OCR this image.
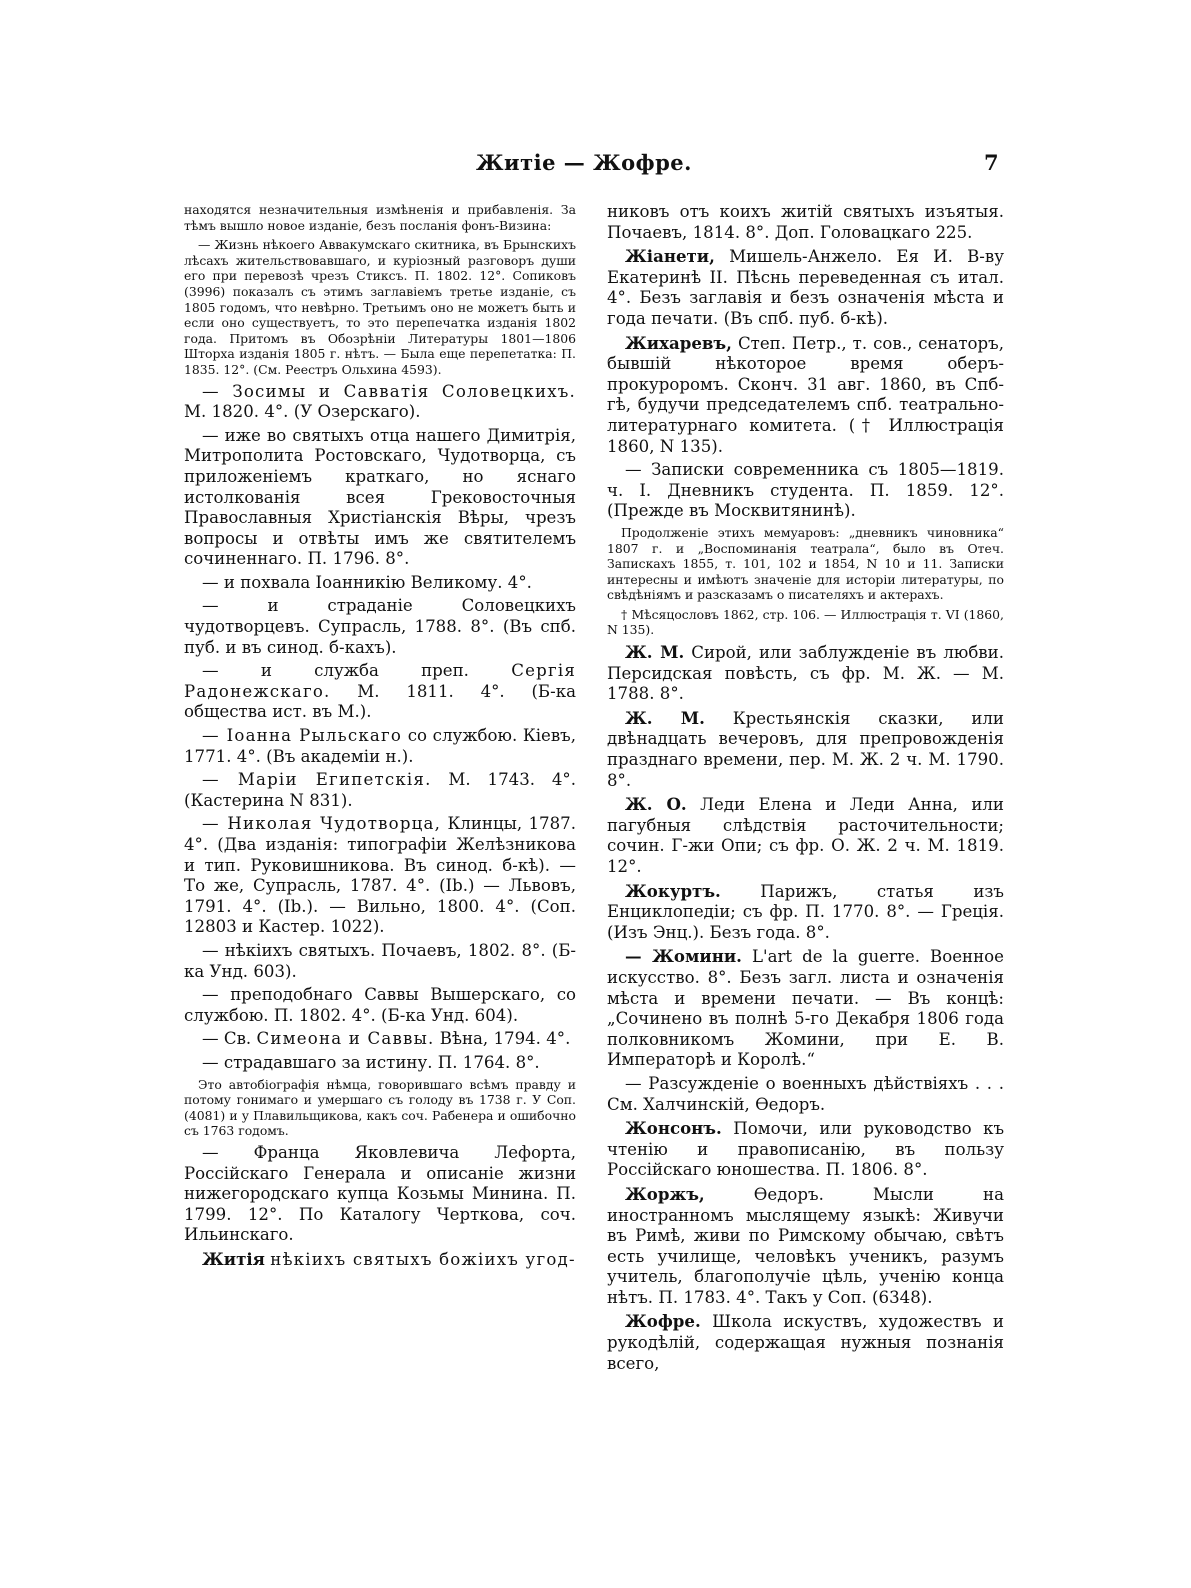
Житіе — Жофре.	7

находятся незначительныя измѣненія и прибавленія. За тѣмъ вышло новое изданіе, безъ посланія фонъ-Визина:

— Жизнь нѣкоего Аввакумскаго скитника, въ Брынскихъ лѣсахъ жительствовавшаго, и куріозный разговоръ души его при перевозѣ чрезъ Стиксъ. П. 1802. 12°. Сопиковъ (3996) показалъ съ этимъ заглавіемъ третье изданіе, съ 1805 годомъ, что невѣрно. Третьимъ оно не можетъ быть и если оно существуетъ, то это перепечатка изданія 1802 года. Притомъ въ Обозрѣніи Литературы 1801—1806 Шторха изданія 1805 г. нѣтъ. — Была еще перепетатка: П. 1835. 12°. (См. Реестръ Ольхина 4593).

— Зосимы и Савватія Соловецкихъ. М. 1820. 4°. (У Озерскаго).

— иже во святыхъ отца нашего Димитрія, Митрополита Ростовскаго, Чудотворца, съ приложеніемъ краткаго, но яснаго истолкованія всея Грековосточныя Православныя Христіанскія Вѣры, чрезъ вопросы и отвѣты имъ же святителемъ сочиненнаго. П. 1796. 8°.

— и похвала Іоанникію Великому. 4°.

— и страданіе Соловецкихъ чудотворцевъ. Супрасль, 1788. 8°. (Въ спб. пуб. и въ синод. б-кахъ).

— и служба преп.	Сергія Радонежскаго. М. 1811. 4°. (Б-ка общества ист. въ М.).

— Іоанна Рыльскаго со службою. Кіевъ, 1771. 4°. (Въ академіи н.).

— Маріи Египетскія. М. 1743. 4°. (Кастерина N 831).

— Николая Чудотворца, Клинцы, 1787. 4°. (Два изданія: типографіи Желѣзникова и тип. Руковишникова. Въ синод. б-кѣ). — То же, Супрасль, 1787. 4°. (Ib.) — Львовъ, 1791. 4°. (Ib.). — Вильно, 1800. 4°. (Соп. 12803 и Кастер. 1022).

— нѣкіихъ святыхъ. Почаевъ, 1802. 8°. (Б-ка Унд. 603).

— преподобнаго Саввы Вышерскаго, со службою. П. 1802. 4°. (Б-ка Унд. 604).

— Св. Симеона и Саввы. Вѣна, 1794. 4°.

— страдавшаго за истину. П. 1764. 8°.

Это автобіографія нѣмца, говорившаго всѣмъ правду и потому гонимаго и умершаго съ голоду въ 1738 г. У Соп. (4081) и у Плавильщикова, какъ соч. Рабенера и ошибочно съ 1763 годомъ.

— Франца Яковлевича Лефорта, Россійскаго Генерала и описаніе жизни нижегородскаго купца Козьмы Минина. П. 1799. 12°. По Каталогу Черткова, соч. Ильинскаго.

Житія нѣкіихъ святыхъ божіихъ угод-

никовъ отъ коихъ житій святыхъ изъятыя. Почаевъ, 1814. 8°. Доп. Головацкаго 225.

Жіанети, Мишель-Анжело. Ея И. В-ву Екатеринѣ II. Пѣснь переведенная съ итал. 4°. Безъ заглавія и безъ означенія мѣста и года печати. (Въ спб. пуб. б-кѣ).

Жихаревъ, Степ. Петр., т. сов., сенаторъ, бывшій нѣкоторое время оберъ-прокуроромъ. Сконч. 31 авг. 1860, въ Спб-гѣ, будучи председателемъ спб. театрально-литературнаго комитета. († Иллюстрація 1860, N 135).

— Записки современника съ 1805—1819. ч. I. Дневникъ студента. П. 1859. 12°. (Прежде въ Москвитянинѣ).

Продолженіе этихъ мемуаровъ: „дневникъ чиновника“ 1807 г. и „Воспоминанія театрала“, было въ Отеч. Запискахъ 1855, т. 101, 102 и 1854, N 10 и 11. Записки интересны и имѣютъ значеніе для исторіи литературы, по свѣдѣніямъ и разсказамъ о писателяхъ и актерахъ.

† Мѣсяцословъ 1862, стр. 106. — Иллюстрація т. VI (1860, N 135).

Ж. М. Сирой, или заблужденіе въ любви. Персидская повѣсть, съ фр. М. Ж. — М. 1788. 8°.

Ж. М. Крестьянскія сказки, или двѣнадцать вечеровъ, для препровожденія празднаго времени, пер. М. Ж. 2 ч. М. 1790. 8°.

Ж. О. Леди Елена и Леди Анна, или пагубныя слѣдствія расточительности; сочин. Г-жи Опи; съ фр. О. Ж. 2 ч. М. 1819. 12°.

Жокуртъ. Парижъ, статья изъ Енциклопедіи; съ фр. П. 1770. 8°. — Греція. (Изъ Энц.). Безъ года. 8°.

— Жомини. L'art de la guerre. Военное искусство. 8°. Безъ загл. листа и означенія мѣста и времени печати. — Въ концѣ: „Сочинено въ полнѣ 5-го Декабря 1806 года полковникомъ Жомини, при Е. В. Императорѣ и Королѣ.“

— Разсужденіе о военныхъ дѣйствіяхъ . . . См. Халчинскій, Ѳедоръ.

Жонсонъ. Помочи, или руководство къ чтенію и правописанію, въ пользу Россійскаго юношества. П. 1806. 8°.

Жоржъ,	Ѳедоръ. Мысли на иностранномъ мыслящему языкѣ: Живучи въ Римѣ, живи по Римскому обычаю, свѣтъ есть училище, человѣкъ ученикъ, разумъ учитель, благополучіе цѣль, ученію конца нѣтъ. П. 1783. 4°. Такъ у Соп. (6348).

Жофре. Школа искуствъ, художествъ и рукодѣлій, содержащая нужныя познанія всего,
